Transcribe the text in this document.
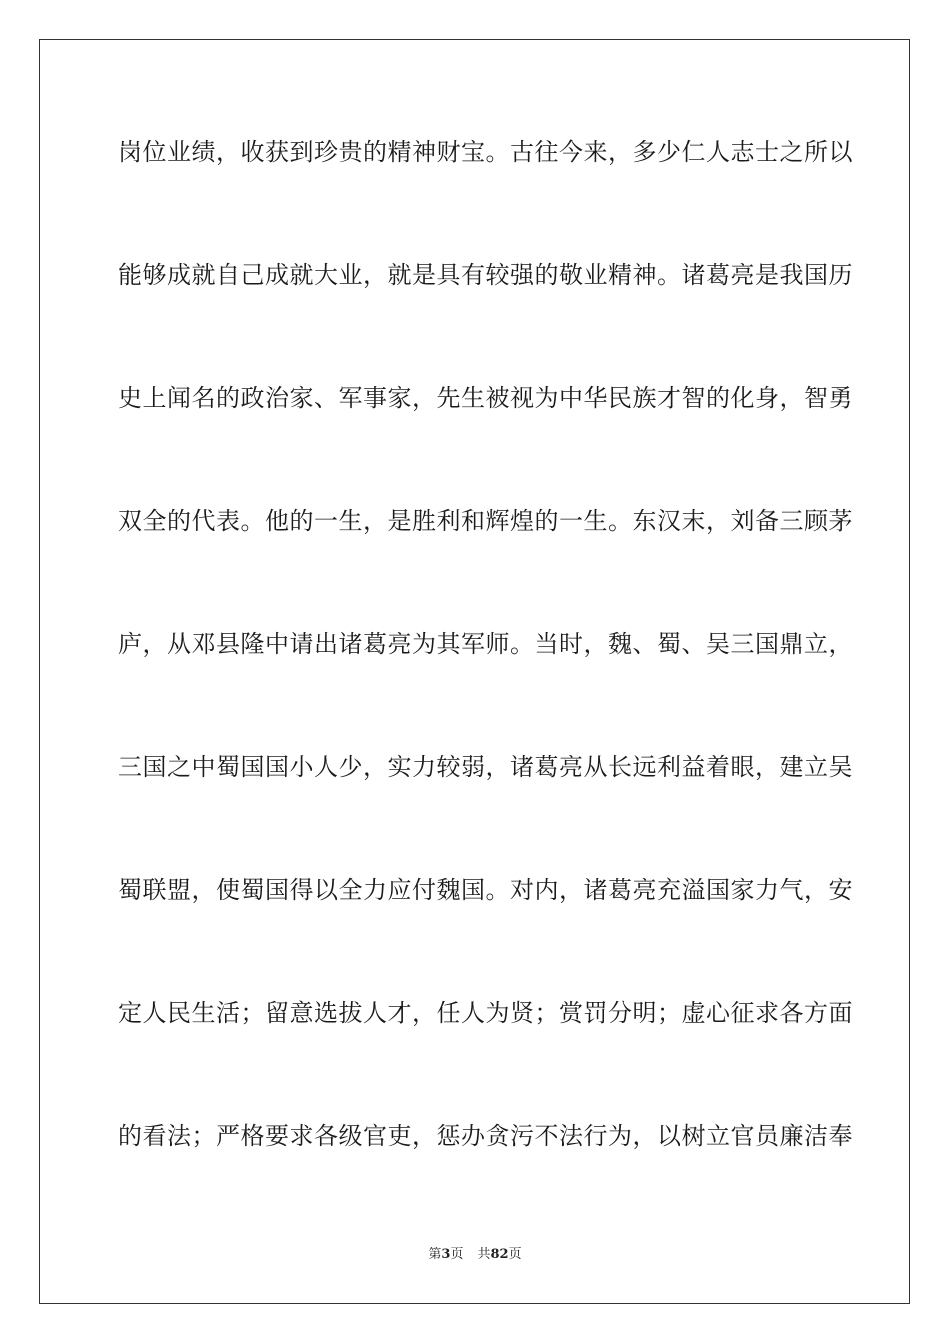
岗位业绩，收获到珍贵的精神财宝。古往今来，多少仁人志士之所以
能够成就自己成就大业，就是具有较强的敬业精神。诸葛亮是我国历
史上闻名的政治家、军事家，先生被视为中华民族才智的化身，智勇
双全的代表。他的一生，是胜利和辉煌的一生。东汉末，刘备三顾茅
庐，从邓县隆中请出诸葛亮为其军师。当时，魏、蜀、吴三国鼎立，
三国之中蜀国国小人少，实力较弱，诸葛亮从长远利益着眼，建立吴
蜀联盟，使蜀国得以全力应付魏国。对内，诸葛亮充溢国家力气，安
定人民生活；留意选拔人才，任人为贤；赏罚分明；虚心征求各方面
的看法；严格要求各级官吏，惩办贪污不法行为，以树立官员廉洁奉
第3页 共82页
